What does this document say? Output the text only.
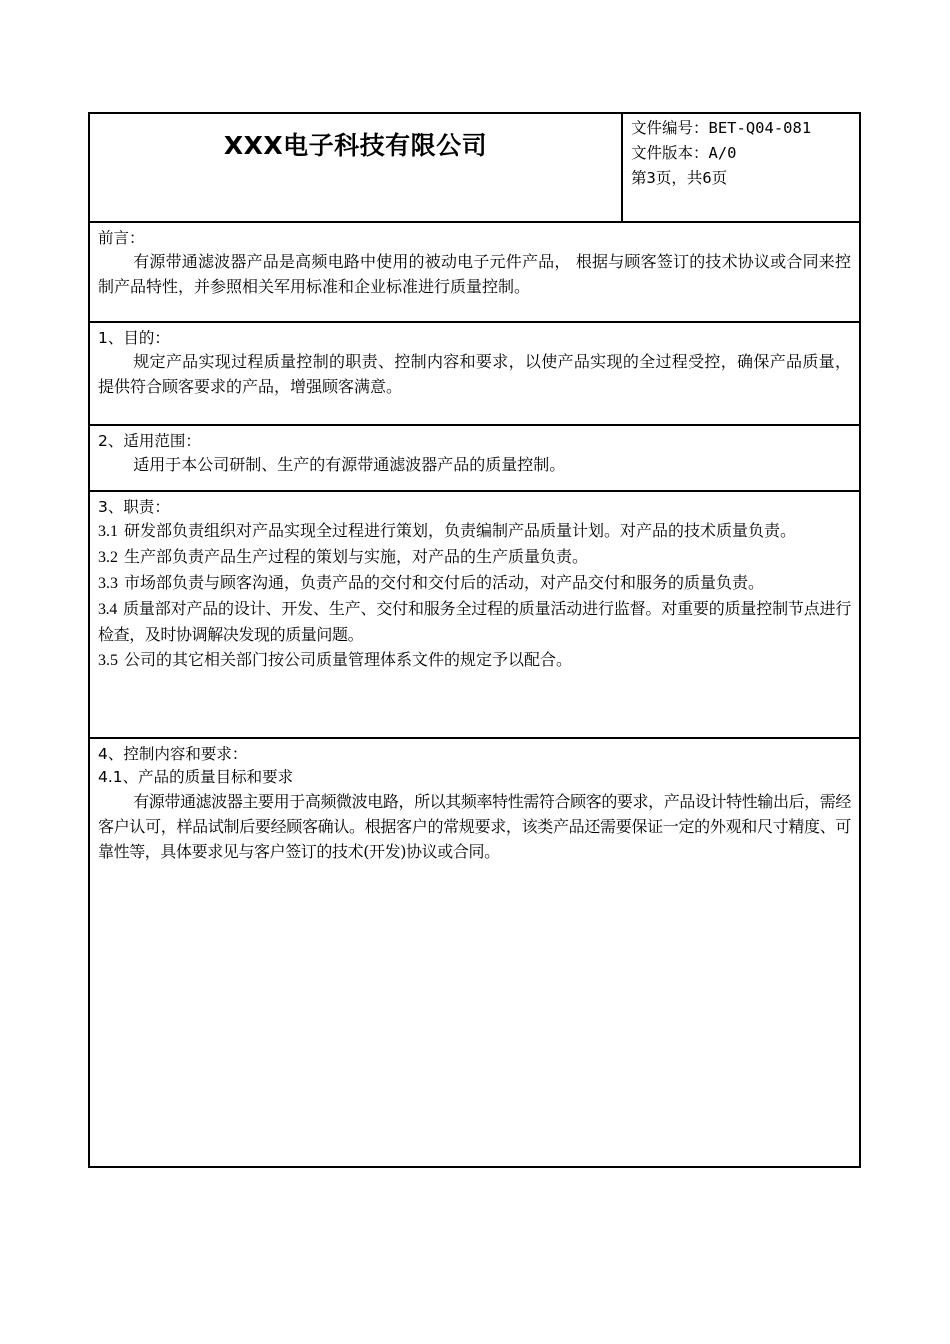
XXX电子科技有限公司
文件编号：BET-Q04-081
文件版本：A/0
第3页，共6页

前言：

有源带通滤波器产品是高频电路中使用的被动电子元件产品， 根据与顾客签订的技术协议或合同来控制产品特性，并参照相关军用标准和企业标准进行质量控制。

1、目的：

规定产品实现过程质量控制的职责、控制内容和要求，以使产品实现的全过程受控，确保产品质量，提供符合顾客要求的产品，增强顾客满意。

2、适用范围：

适用于本公司研制、生产的有源带通滤波器产品的质量控制。

3、职责：

3.1 研发部负责组织对产品实现全过程进行策划，负责编制产品质量计划。对产品的技术质量负责。

3.2 生产部负责产品生产过程的策划与实施，对产品的生产质量负责。

3.3 市场部负责与顾客沟通，负责产品的交付和交付后的活动，对产品交付和服务的质量负责。

3.4 质量部对产品的设计、开发、生产、交付和服务全过程的质量活动进行监督。对重要的质量控制节点进行检查，及时协调解决发现的质量问题。

3.5 公司的其它相关部门按公司质量管理体系文件的规定予以配合。

4、控制内容和要求：

4.1、产品的质量目标和要求

有源带通滤波器主要用于高频微波电路，所以其频率特性需符合顾客的要求，产品设计特性输出后，需经客户认可，样品试制后要经顾客确认。根据客户的常规要求，该类产品还需要保证一定的外观和尺寸精度、可靠性等，具体要求见与客户签订的技术(开发)协议或合同。
